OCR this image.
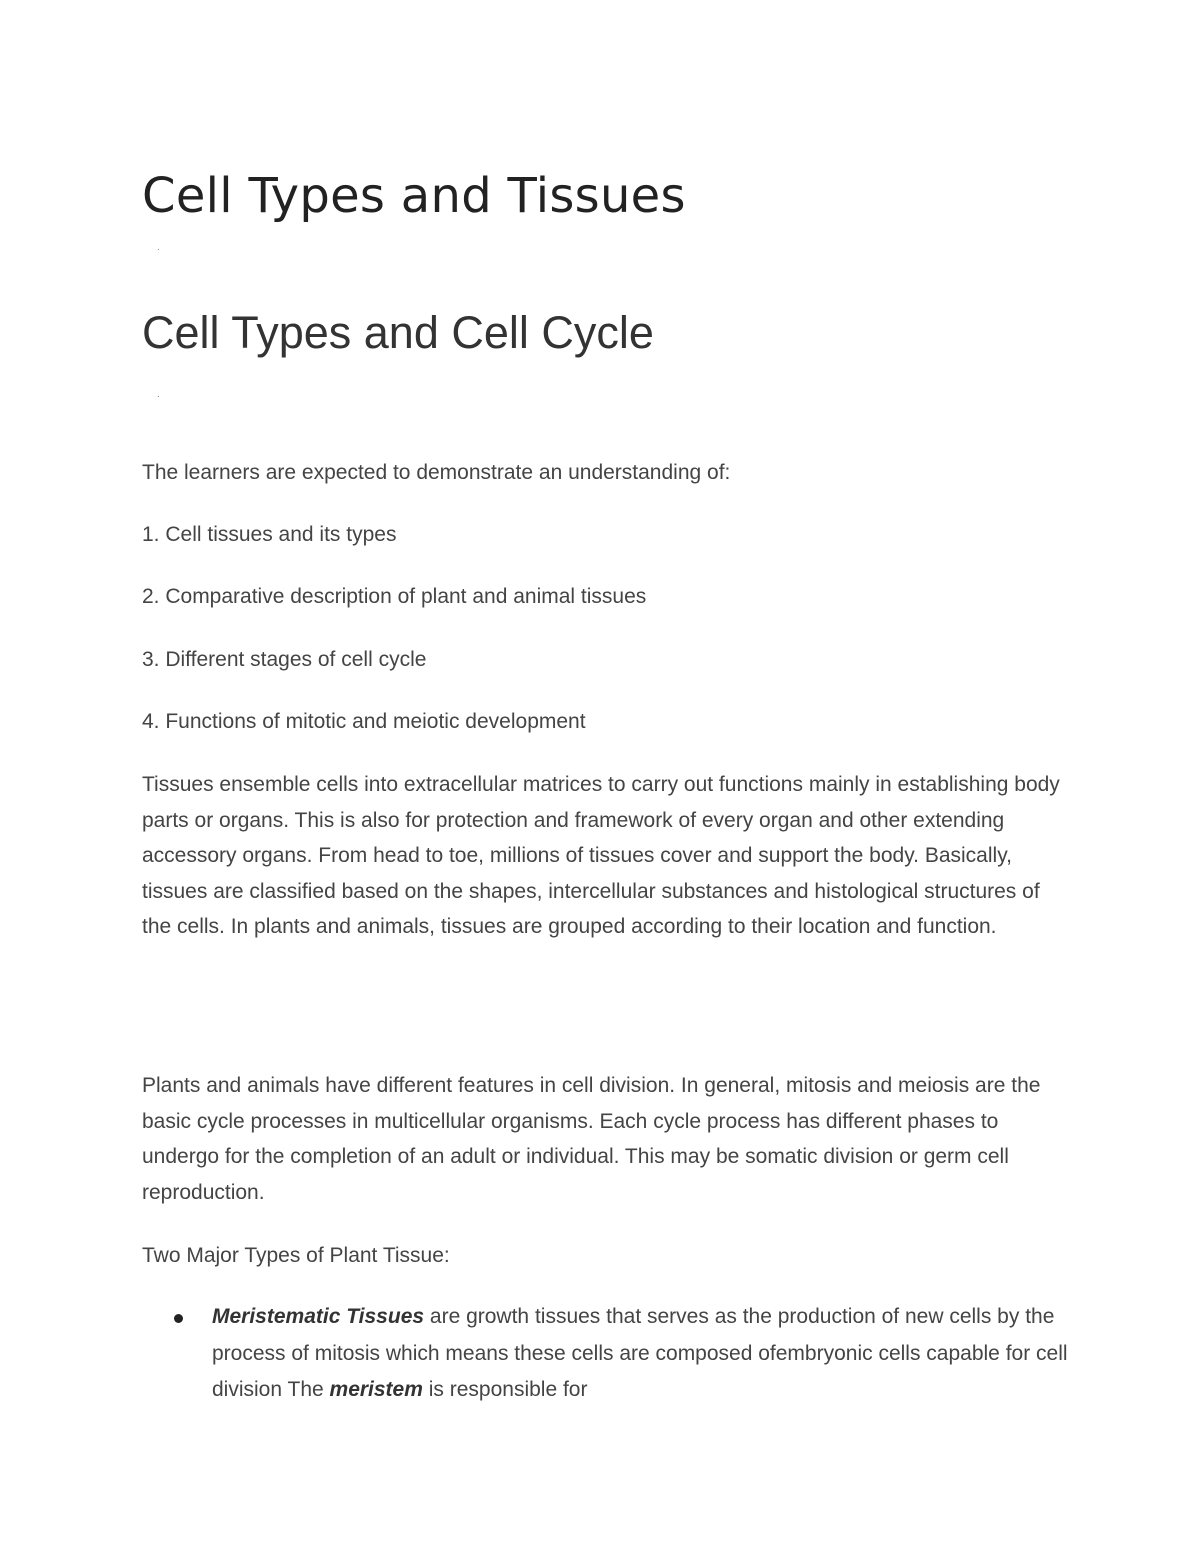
Cell Types and Tissues
.
Cell Types and Cell Cycle
.

The learners are expected to demonstrate an understanding of:

1. Cell tissues and its types

2. Comparative description of plant and animal tissues

3. Different stages of cell cycle

4. Functions of mitotic and meiotic development

Tissues ensemble cells into extracellular matrices to carry out functions mainly in establishing body parts or organs. This is also for protection and framework of every organ and other extending accessory organs. From head to toe, millions of tissues cover and support the body. Basically, tissues are classified based on the shapes, intercellular substances and histological structures of the cells. In plants and animals, tissues are grouped according to their location and function.

Plants and animals have different features in cell division. In general, mitosis and meiosis are the basic cycle processes in multicellular organisms. Each cycle process has different phases to undergo for the completion of an adult or individual. This may be somatic division or germ cell reproduction.

Two Major Types of Plant Tissue:

Meristematic Tissues are growth tissues that serves as the production of new cells by the process of mitosis which means these cells are composed ofembryonic cells capable for cell division The meristem is responsible for
